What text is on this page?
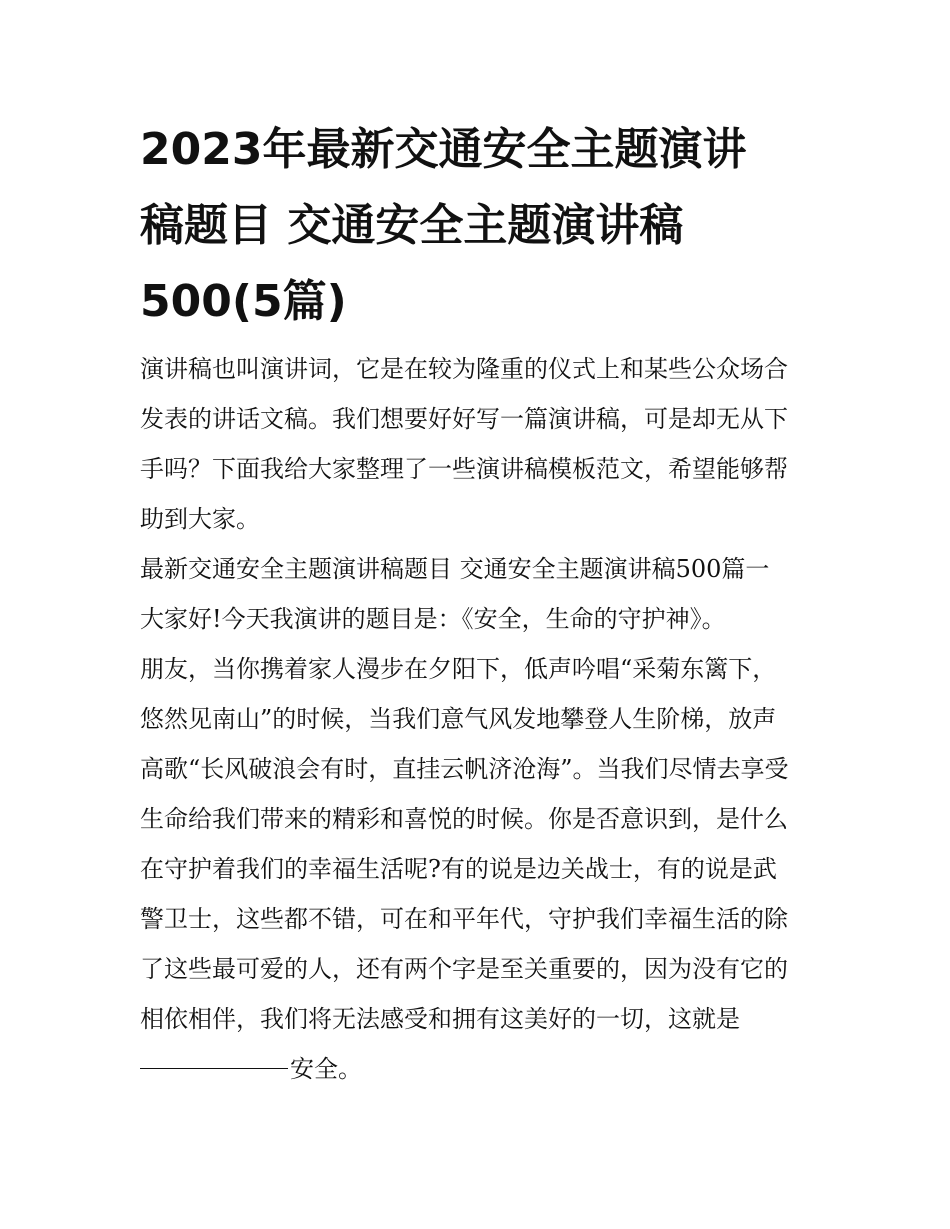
2023年最新交通安全主题演讲
稿题目 交通安全主题演讲稿
500(5篇)
演讲稿也叫演讲词，它是在较为隆重的仪式上和某些公众场合
发表的讲话文稿。我们想要好好写一篇演讲稿，可是却无从下
手吗？下面我给大家整理了一些演讲稿模板范文，希望能够帮
助到大家。
最新交通安全主题演讲稿题目 交通安全主题演讲稿500篇一
大家好!今天我演讲的题目是：《安全，生命的守护神》。
朋友，当你携着家人漫步在夕阳下，低声吟唱“采菊东篱下，
悠然见南山”的时候，当我们意气风发地攀登人生阶梯，放声
高歌“长风破浪会有时，直挂云帆济沧海”。当我们尽情去享受
生命给我们带来的精彩和喜悦的时候。你是否意识到，是什么
在守护着我们的幸福生活呢?有的说是边关战士，有的说是武
警卫士，这些都不错，可在和平年代，守护我们幸福生活的除
了这些最可爱的人，还有两个字是至关重要的，因为没有它的
相依相伴，我们将无法感受和拥有这美好的一切，这就是
安全。
